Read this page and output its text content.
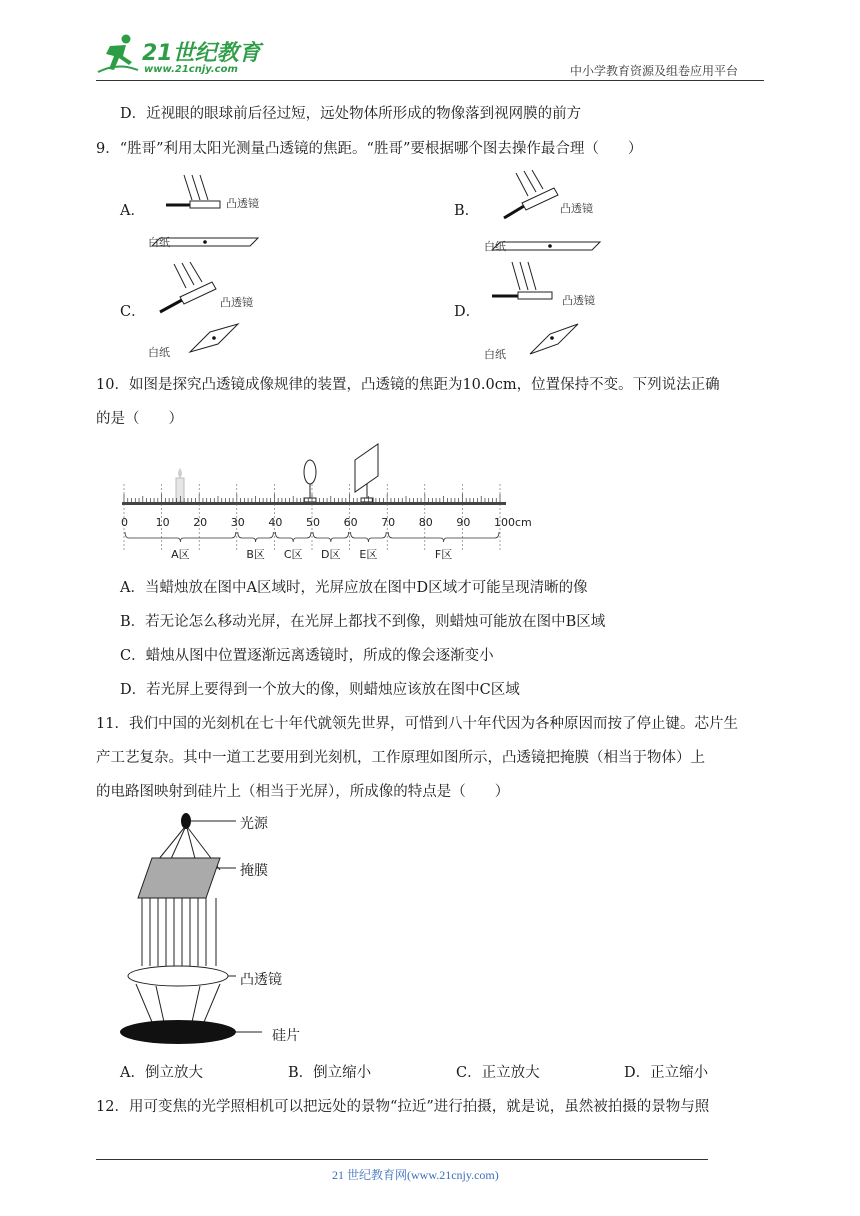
21世纪教育
www.21cnjy.com	中小学教育资源及组卷应用平台
D．近视眼的眼球前后径过短，远处物体所形成的物像落到视网膜的前方
9．“胜哥”利用太阳光测量凸透镜的焦距。“胜哥”要根据哪个图去操作最合理（　　）
A．	B．
C．	D．
凸透镜
白纸
凸透镜
白纸
凸透镜
白纸
凸透镜
白纸
10．如图是探究凸透镜成像规律的装置，凸透镜的焦距为10.0cm，位置保持不变。下列说法正确
的是（　　）
0	10 20 30 40 50 60 70 80 90 100cm
A区	B区 C区 D区 E区	F区
A．当蜡烛放在图中A区域时，光屏应放在图中D区域才可能呈现清晰的像
B．若无论怎么移动光屏，在光屏上都找不到像，则蜡烛可能放在图中B区域
C．蜡烛从图中位置逐渐远离透镜时，所成的像会逐渐变小
D．若光屏上要得到一个放大的像，则蜡烛应该放在图中C区域
11．我们中国的光刻机在七十年代就领先世界，可惜到八十年代因为各种原因而按了停止键。芯片生
产工艺复杂。其中一道工艺要用到光刻机，工作原理如图所示，凸透镜把掩膜（相当于物体）上
的电路图映射到硅片上（相当于光屏），所成像的特点是（　　）
光源
掩膜
凸透镜
硅片
A．倒立放大	B．倒立缩小	C．正立放大	D．正立缩小
12．用可变焦的光学照相机可以把远处的景物“拉近”进行拍摄，就是说，虽然被拍摄的景物与照
21 世纪教育网(www.21cnjy.com)
